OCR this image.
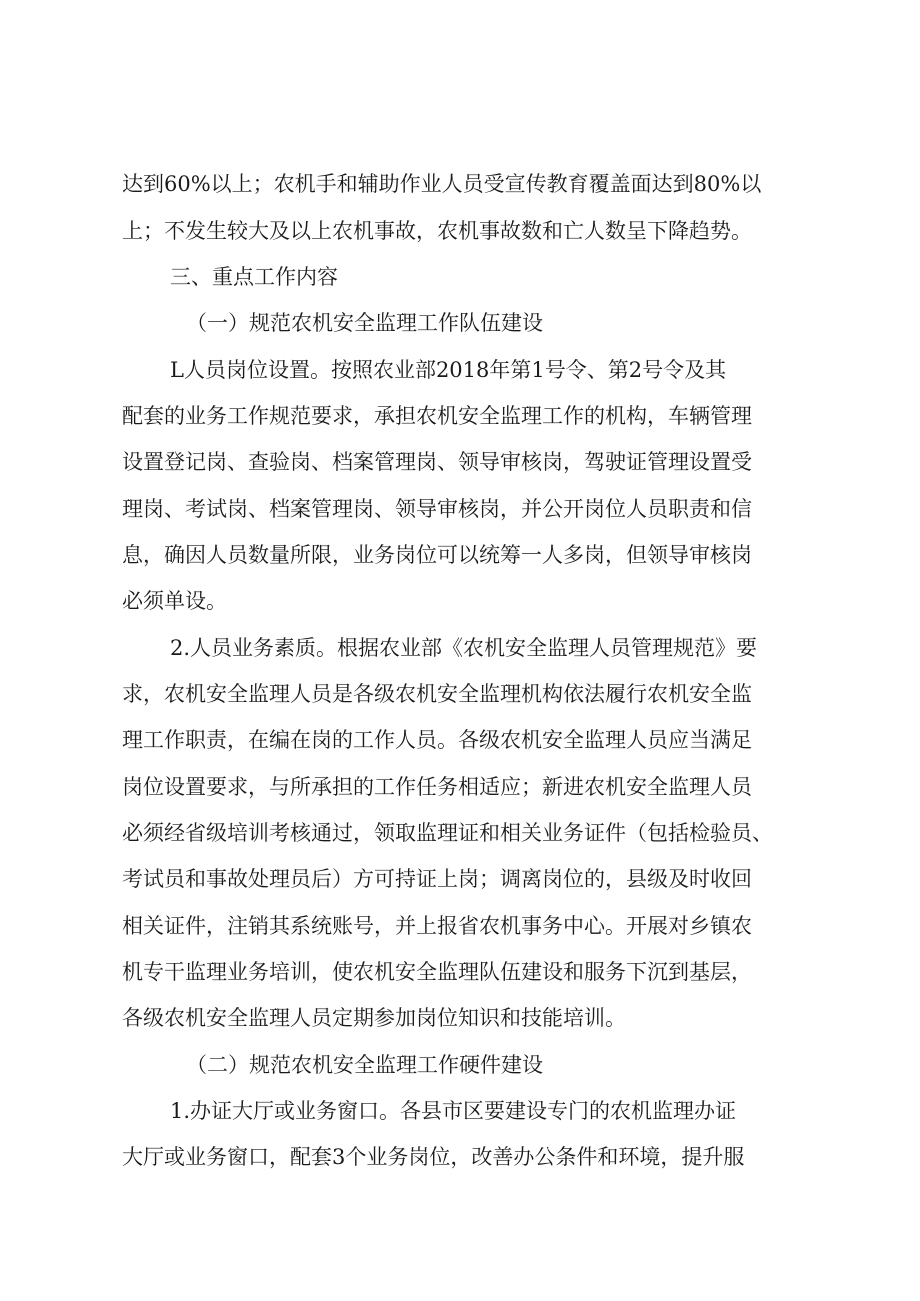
达到60%以上；农机手和辅助作业人员受宣传教育覆盖面达到80%以
上；不发生较大及以上农机事故，农机事故数和亡人数呈下降趋势。
三、重点工作内容
（一）规范农机安全监理工作队伍建设
L人员岗位设置。按照农业部2018年第1号令、第2号令及其
配套的业务工作规范要求，承担农机安全监理工作的机构，车辆管理
设置登记岗、查验岗、档案管理岗、领导审核岗，驾驶证管理设置受
理岗、考试岗、档案管理岗、领导审核岗，并公开岗位人员职责和信
息，确因人员数量所限，业务岗位可以统筹一人多岗，但领导审核岗
必须单设。
2.人员业务素质。根据农业部《农机安全监理人员管理规范》要
求，农机安全监理人员是各级农机安全监理机构依法履行农机安全监
理工作职责，在编在岗的工作人员。各级农机安全监理人员应当满足
岗位设置要求，与所承担的工作任务相适应；新进农机安全监理人员
必须经省级培训考核通过，领取监理证和相关业务证件（包括检验员、
考试员和事故处理员后）方可持证上岗；调离岗位的，县级及时收回
相关证件，注销其系统账号，并上报省农机事务中心。开展对乡镇农
机专干监理业务培训，使农机安全监理队伍建设和服务下沉到基层，
各级农机安全监理人员定期参加岗位知识和技能培训。
（二）规范农机安全监理工作硬件建设
1.办证大厅或业务窗口。各县市区要建设专门的农机监理办证
大厅或业务窗口，配套3个业务岗位，改善办公条件和环境，提升服
